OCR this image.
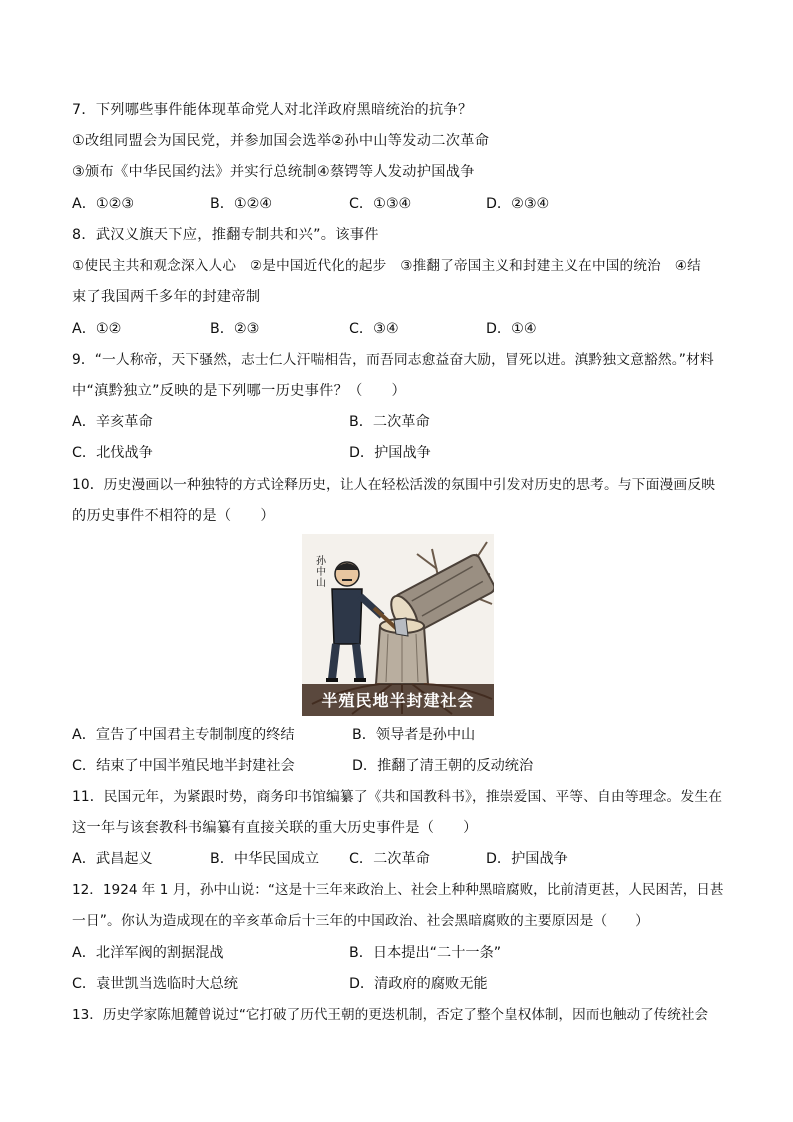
7．下列哪些事件能体现革命党人对北洋政府黑暗统治的抗争？
①改组同盟会为国民党，并参加国会选举②孙中山等发动二次革命
③颁布《中华民国约法》并实行总统制④蔡锷等人发动护国战争
A．①②③	B．①②④	C．①③④	D．②③④
8．武汉义旗天下应，推翻专制共和兴”。该事件
①使民主共和观念深入人心　②是中国近代化的起步　③推翻了帝国主义和封建主义在中国的统治　④结
束了我国两千多年的封建帝制
A．①②	B．②③	C．③④	D．①④
9．“一人称帝，天下骚然，志士仁人汗喘相告，而吾同志愈益奋大励，冒死以进。滇黔独文意豁然。”材料
中“滇黔独立”反映的是下列哪一历史事件？（　　）
A．辛亥革命	B．二次革命
C．北伐战争	D．护国战争
10．历史漫画以一种独特的方式诠释历史，让人在轻松活泼的氛围中引发对历史的思考。与下面漫画反映
的历史事件不相符的是（　　）
孙中山
半殖民地半封建社会
A．宣告了中国君主专制制度的终结	B．领导者是孙中山
C．结束了中国半殖民地半封建社会	D．推翻了清王朝的反动统治
11．民国元年，为紧跟时势，商务印书馆编纂了《共和国教科书》，推崇爱国、平等、自由等理念。发生在
这一年与该套教科书编纂有直接关联的重大历史事件是（　　）
A．武昌起义	B．中华民国成立 C．二次革命	D．护国战争
12．1924 年 1 月，孙中山说：“这是十三年来政治上、社会上种种黑暗腐败，比前清更甚，人民困苦，日甚
一日”。你认为造成现在的辛亥革命后十三年的中国政治、社会黑暗腐败的主要原因是（　　）
A．北洋军阀的割据混战	B．日本提出“二十一条”
C．袁世凯当选临时大总统	D．清政府的腐败无能
13．历史学家陈旭麓曾说过“它打破了历代王朝的更迭机制，否定了整个皇权体制，因而也触动了传统社会
